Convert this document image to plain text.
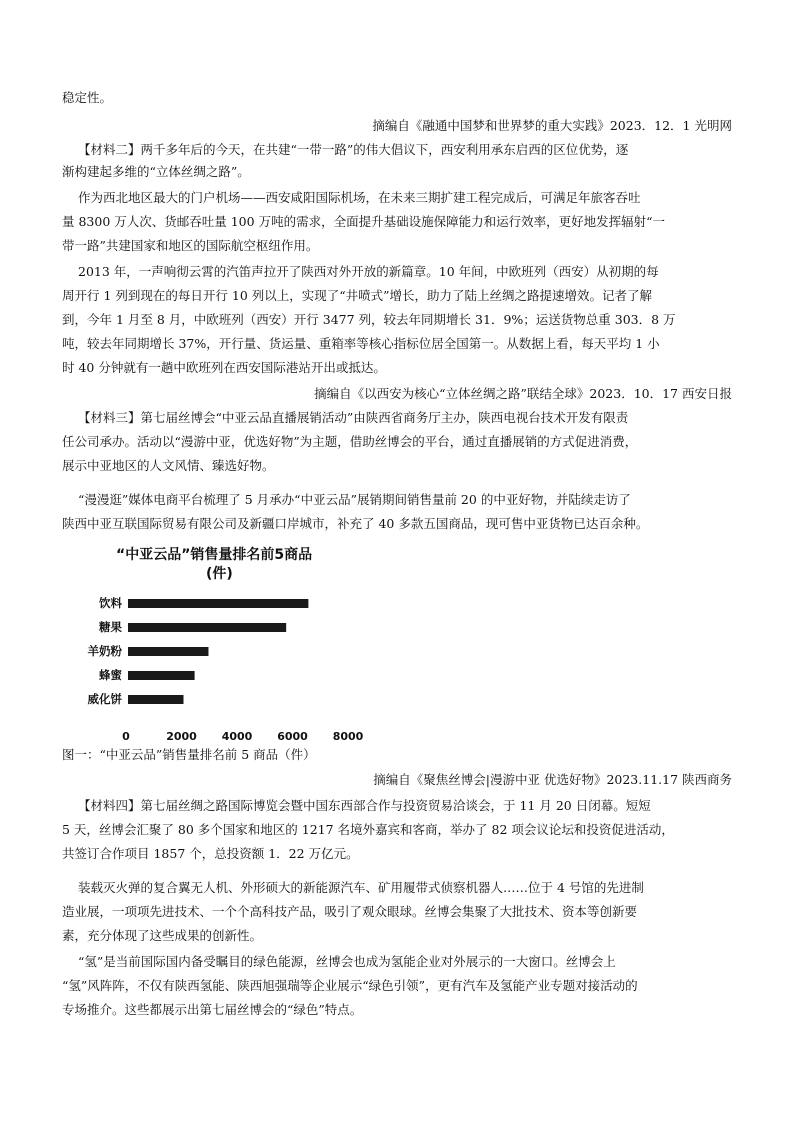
稳定性。
摘编自《融通中国梦和世界梦的重大实践》2023．12．1 光明网
【材料二】两千多年后的今天，在共建“一带一路”的伟大倡议下，西安利用承东启西的区位优势，逐
渐构建起多维的“立体丝绸之路”。
作为西北地区最大的门户机场——西安咸阳国际机场，在未来三期扩建工程完成后，可满足年旅客吞吐
量 8300 万人次、货邮吞吐量 100 万吨的需求，全面提升基础设施保障能力和运行效率，更好地发挥辐射“一
带一路”共建国家和地区的国际航空枢纽作用。
2013 年，一声响彻云霄的汽笛声拉开了陕西对外开放的新篇章。10 年间，中欧班列（西安）从初期的每
周开行 1 列到现在的每日开行 10 列以上，实现了“井喷式”增长，助力了陆上丝绸之路提速增效。记者了解
到，今年 1 月至 8 月，中欧班列（西安）开行 3477 列，较去年同期增长 31．9%；运送货物总重 303．8 万
吨，较去年同期增长 37%，开行量、货运量、重箱率等核心指标位居全国第一。从数据上看，每天平均 1 小
时 40 分钟就有一趟中欧班列在西安国际港站开出或抵达。
摘编自《以西安为核心“立体丝绸之路”联结全球》2023．10．17 西安日报
【材料三】第七届丝博会“中亚云品直播展销活动”由陕西省商务厅主办，陕西电视台技术开发有限责
任公司承办。活动以“漫游中亚，优选好物”为主题，借助丝博会的平台，通过直播展销的方式促进消费，
展示中亚地区的人文风情、臻选好物。
“漫漫逛”媒体电商平台梳理了 5 月承办“中亚云品”展销期间销售量前 20 的中亚好物，并陆续走访了
陕西中亚互联国际贸易有限公司及新疆口岸城市，补充了 40 多款五国商品，现可售中亚货物已达百余种。
图一：“中亚云品”销售量排名前 5 商品（件）
摘编自《聚焦丝博会|漫游中亚 优选好物》2023.11.17 陕西商务
【材料四】第七届丝绸之路国际博览会暨中国东西部合作与投资贸易洽谈会，于 11 月 20 日闭幕。短短
5 天，丝博会汇聚了 80 多个国家和地区的 1217 名境外嘉宾和客商，举办了 82 项会议论坛和投资促进活动，
共签订合作项目 1857 个，总投资额 1．22 万亿元。
装载灭火弹的复合翼无人机、外形硕大的新能源汽车、矿用履带式侦察机器人……位于 4 号馆的先进制
造业展，一项项先进技术、一个个高科技产品，吸引了观众眼球。丝博会集聚了大批技术、资本等创新要
素，充分体现了这些成果的创新性。
“氢”是当前国际国内备受瞩目的绿色能源，丝博会也成为氢能企业对外展示的一大窗口。丝博会上
“氢”风阵阵，不仅有陕西氢能、陕西旭强瑞等企业展示“绿色引领”，更有汽车及氢能产业专题对接活动的
专场推介。这些都展示出第七届丝博会的“绿色”特点。
“中亚云品”销售量排名前5商品
(件)
饮料
糖果
羊奶粉
蜂蜜
威化饼
0	2000 4000 6000 8000
